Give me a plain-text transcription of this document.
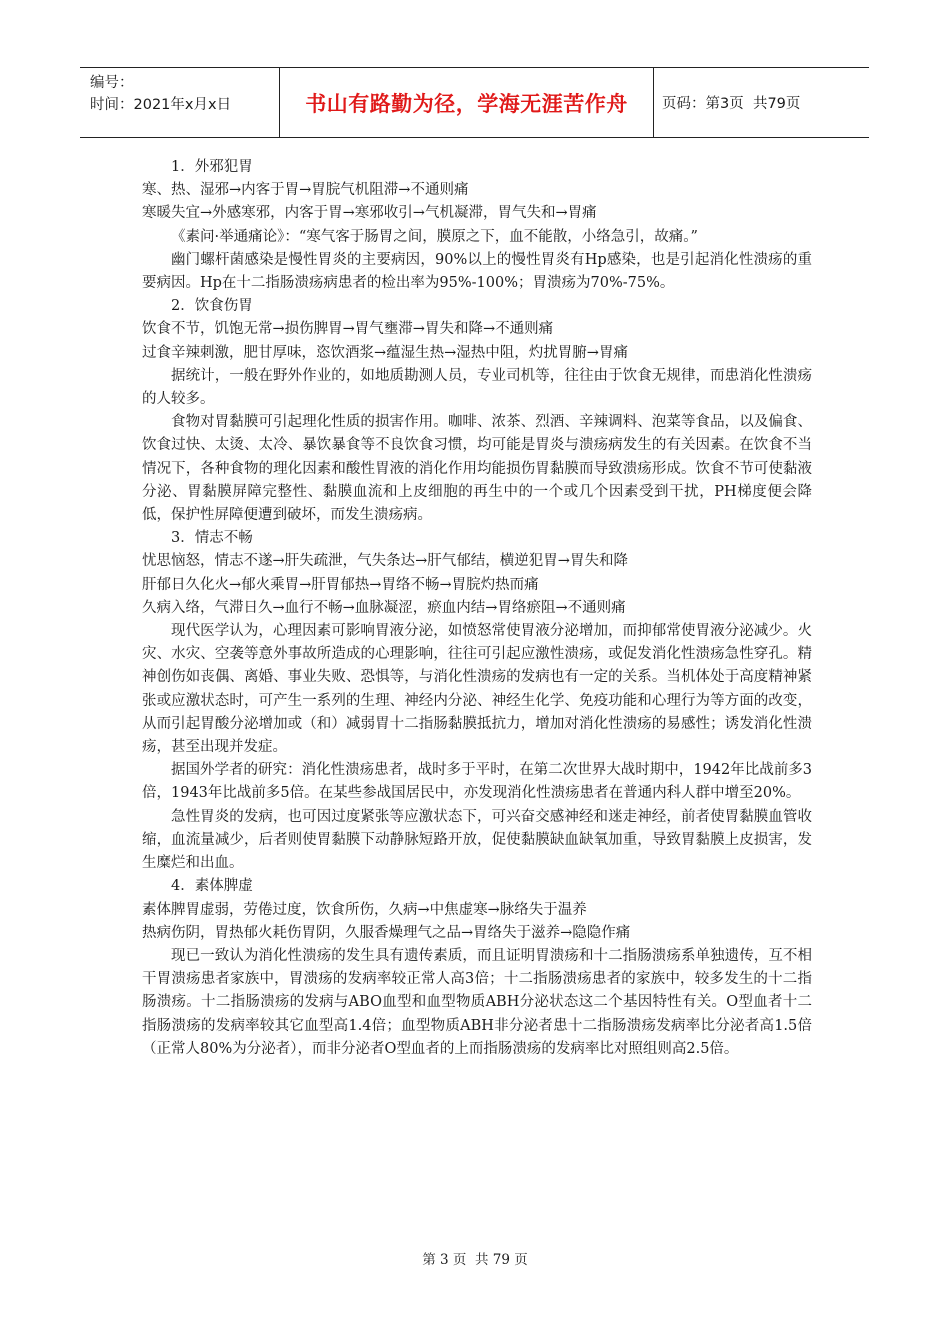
编号：
时间：2021年x月x日	书山有路勤为径，学海无涯苦作舟 页码：第3页  共79页

1．外邪犯胃

寒、热、湿邪→内客于胃→胃脘气机阻滞→不通则痛

寒暖失宜→外感寒邪，内客于胃→寒邪收引→气机凝滞，胃气失和→胃痛

《素问·举通痛论》：“寒气客于肠胃之间，膜原之下，血不能散，小络急引，故痛。”

幽门螺杆菌感染是慢性胃炎的主要病因，90%以上的慢性胃炎有Hp感染，也是引起消化性溃疡的重要病因。Hp在十二指肠溃疡病患者的检出率为95%-100%；胃溃疡为70%-75%。

2．饮食伤胃

饮食不节，饥饱无常→损伤脾胃→胃气壅滞→胃失和降→不通则痛

过食辛辣刺激，肥甘厚味，恣饮酒浆→蕴湿生热→湿热中阻，灼扰胃腑→胃痛

据统计，一般在野外作业的，如地质勘测人员，专业司机等，往往由于饮食无规律，而患消化性溃疡的人较多。

食物对胃黏膜可引起理化性质的损害作用。咖啡、浓茶、烈酒、辛辣调料、泡菜等食品，以及偏食、饮食过快、太烫、太冷、暴饮暴食等不良饮食习惯，均可能是胃炎与溃疡病发生的有关因素。在饮食不当情况下，各种食物的理化因素和酸性胃液的消化作用均能损伤胃黏膜而导致溃疡形成。饮食不节可使黏液分泌、胃黏膜屏障完整性、黏膜血流和上皮细胞的再生中的一个或几个因素受到干扰，PH梯度便会降低，保护性屏障便遭到破坏，而发生溃疡病。

3．情志不畅

忧思恼怒，情志不遂→肝失疏泄，气失条达→肝气郁结，横逆犯胃→胃失和降

肝郁日久化火→郁火乘胃→肝胃郁热→胃络不畅→胃脘灼热而痛

久病入络，气滞日久→血行不畅→血脉凝涩，瘀血内结→胃络瘀阻→不通则痛

现代医学认为，心理因素可影响胃液分泌，如愤怒常使胃液分泌增加，而抑郁常使胃液分泌减少。火灾、水灾、空袭等意外事故所造成的心理影响，往往可引起应激性溃疡，或促发消化性溃疡急性穿孔。精神创伤如丧偶、离婚、事业失败、恐惧等，与消化性溃疡的发病也有一定的关系。当机体处于高度精神紧张或应激状态时，可产生一系列的生理、神经内分泌、神经生化学、免疫功能和心理行为等方面的改变，从而引起胃酸分泌增加或（和）减弱胃十二指肠黏膜抵抗力，增加对消化性溃疡的易感性；诱发消化性溃疡，甚至出现并发症。

据国外学者的研究：消化性溃疡患者，战时多于平时，在第二次世界大战时期中，1942年比战前多3倍，1943年比战前多5倍。在某些参战国居民中，亦发现消化性溃疡患者在普通内科人群中增至20%。

急性胃炎的发病，也可因过度紧张等应激状态下，可兴奋交感神经和迷走神经，前者使胃黏膜血管收缩，血流量减少，后者则使胃黏膜下动静脉短路开放，促使黏膜缺血缺氧加重，导致胃黏膜上皮损害，发生糜烂和出血。

4．素体脾虚

素体脾胃虚弱，劳倦过度，饮食所伤，久病→中焦虚寒→脉络失于温养

热病伤阴，胃热郁火耗伤胃阴，久服香燥理气之品→胃络失于滋养→隐隐作痛

现已一致认为消化性溃疡的发生具有遗传素质，而且证明胃溃疡和十二指肠溃疡系单独遗传，互不相干胃溃疡患者家族中，胃溃疡的发病率较正常人高3倍；十二指肠溃疡患者的家族中，较多发生的十二指肠溃疡。十二指肠溃疡的发病与ABO血型和血型物质ABH分泌状态这二个基因特性有关。O型血者十二指肠溃疡的发病率较其它血型高1.4倍；血型物质ABH非分泌者患十二指肠溃疡发病率比分泌者高1.5倍（正常人80%为分泌者），而非分泌者O型血者的上而指肠溃疡的发病率比对照组则高2.5倍。

第 3 页  共 79 页
